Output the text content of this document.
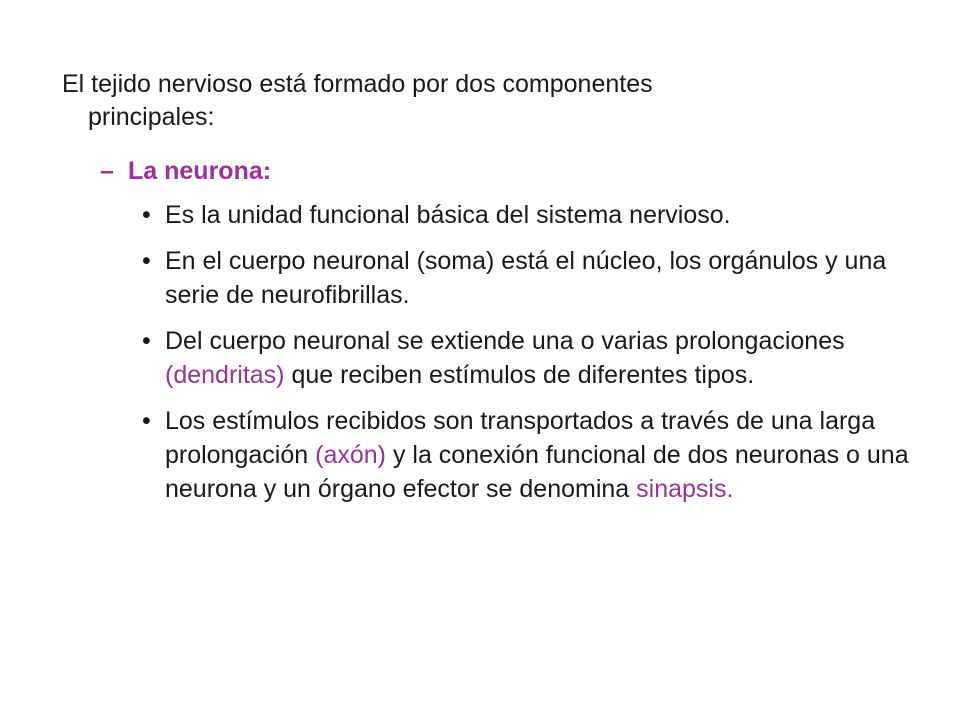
El tejido nervioso está formado por dos componentes
principales:
– La neurona:
• Es la unidad funcional básica del sistema nervioso.
• En el cuerpo neuronal (soma) está el núcleo, los orgánulos y una serie de neurofibrillas.
• Del cuerpo neuronal se extiende una o varias prolongaciones (dendritas) que reciben estímulos de diferentes tipos.
• Los estímulos recibidos son transportados a través de una larga prolongación (axón) y la conexión funcional de dos neuronas o una neurona y un órgano efector se denomina sinapsis.
